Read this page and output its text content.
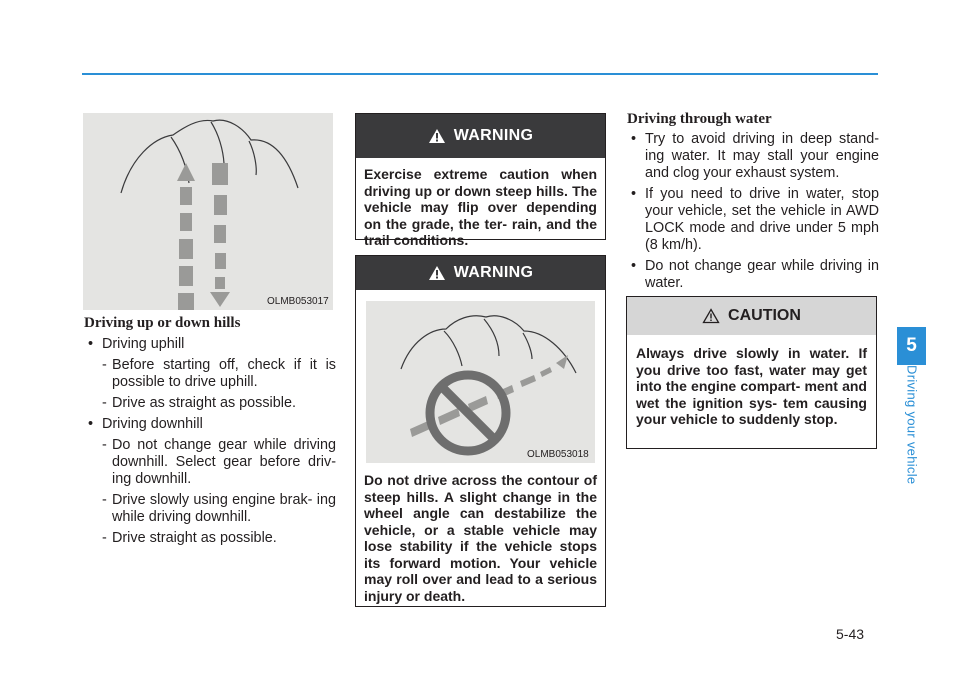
OLMB053017
Driving up or down hills
• Driving uphill
- Before starting off, check if it is possible to drive uphill.
- Drive as straight as possible.
• Driving downhill
- Do not change gear while driving downhill. Select gear before driv- ing downhill.
- Drive slowly using engine brak- ing while driving downhill.
- Drive straight as possible.
WARNING
Exercise extreme caution when driving up or down steep hills. The vehicle may flip over depending on the grade, the ter- rain, and the trail conditions.
WARNING
OLMB053018
Do not drive across the contour of steep hills. A slight change in the wheel angle can destabilize the vehicle, or a stable vehicle may lose stability if the vehicle stops its forward motion. Your vehicle may roll over and lead to a serious injury or death.
Driving through water
• Try to avoid driving in deep stand- ing water. It may stall your engine and clog your exhaust system.
• If you need to drive in water, stop your vehicle, set the vehicle in AWD LOCK mode and drive under 5 mph (8 km/h).
• Do not change gear while driving in water.
CAUTION
Always drive slowly in water. If you drive too fast, water may get into the engine compart- ment and wet the ignition sys- tem causing your vehicle to suddenly stop.
5
Driving your vehicle
5-43
